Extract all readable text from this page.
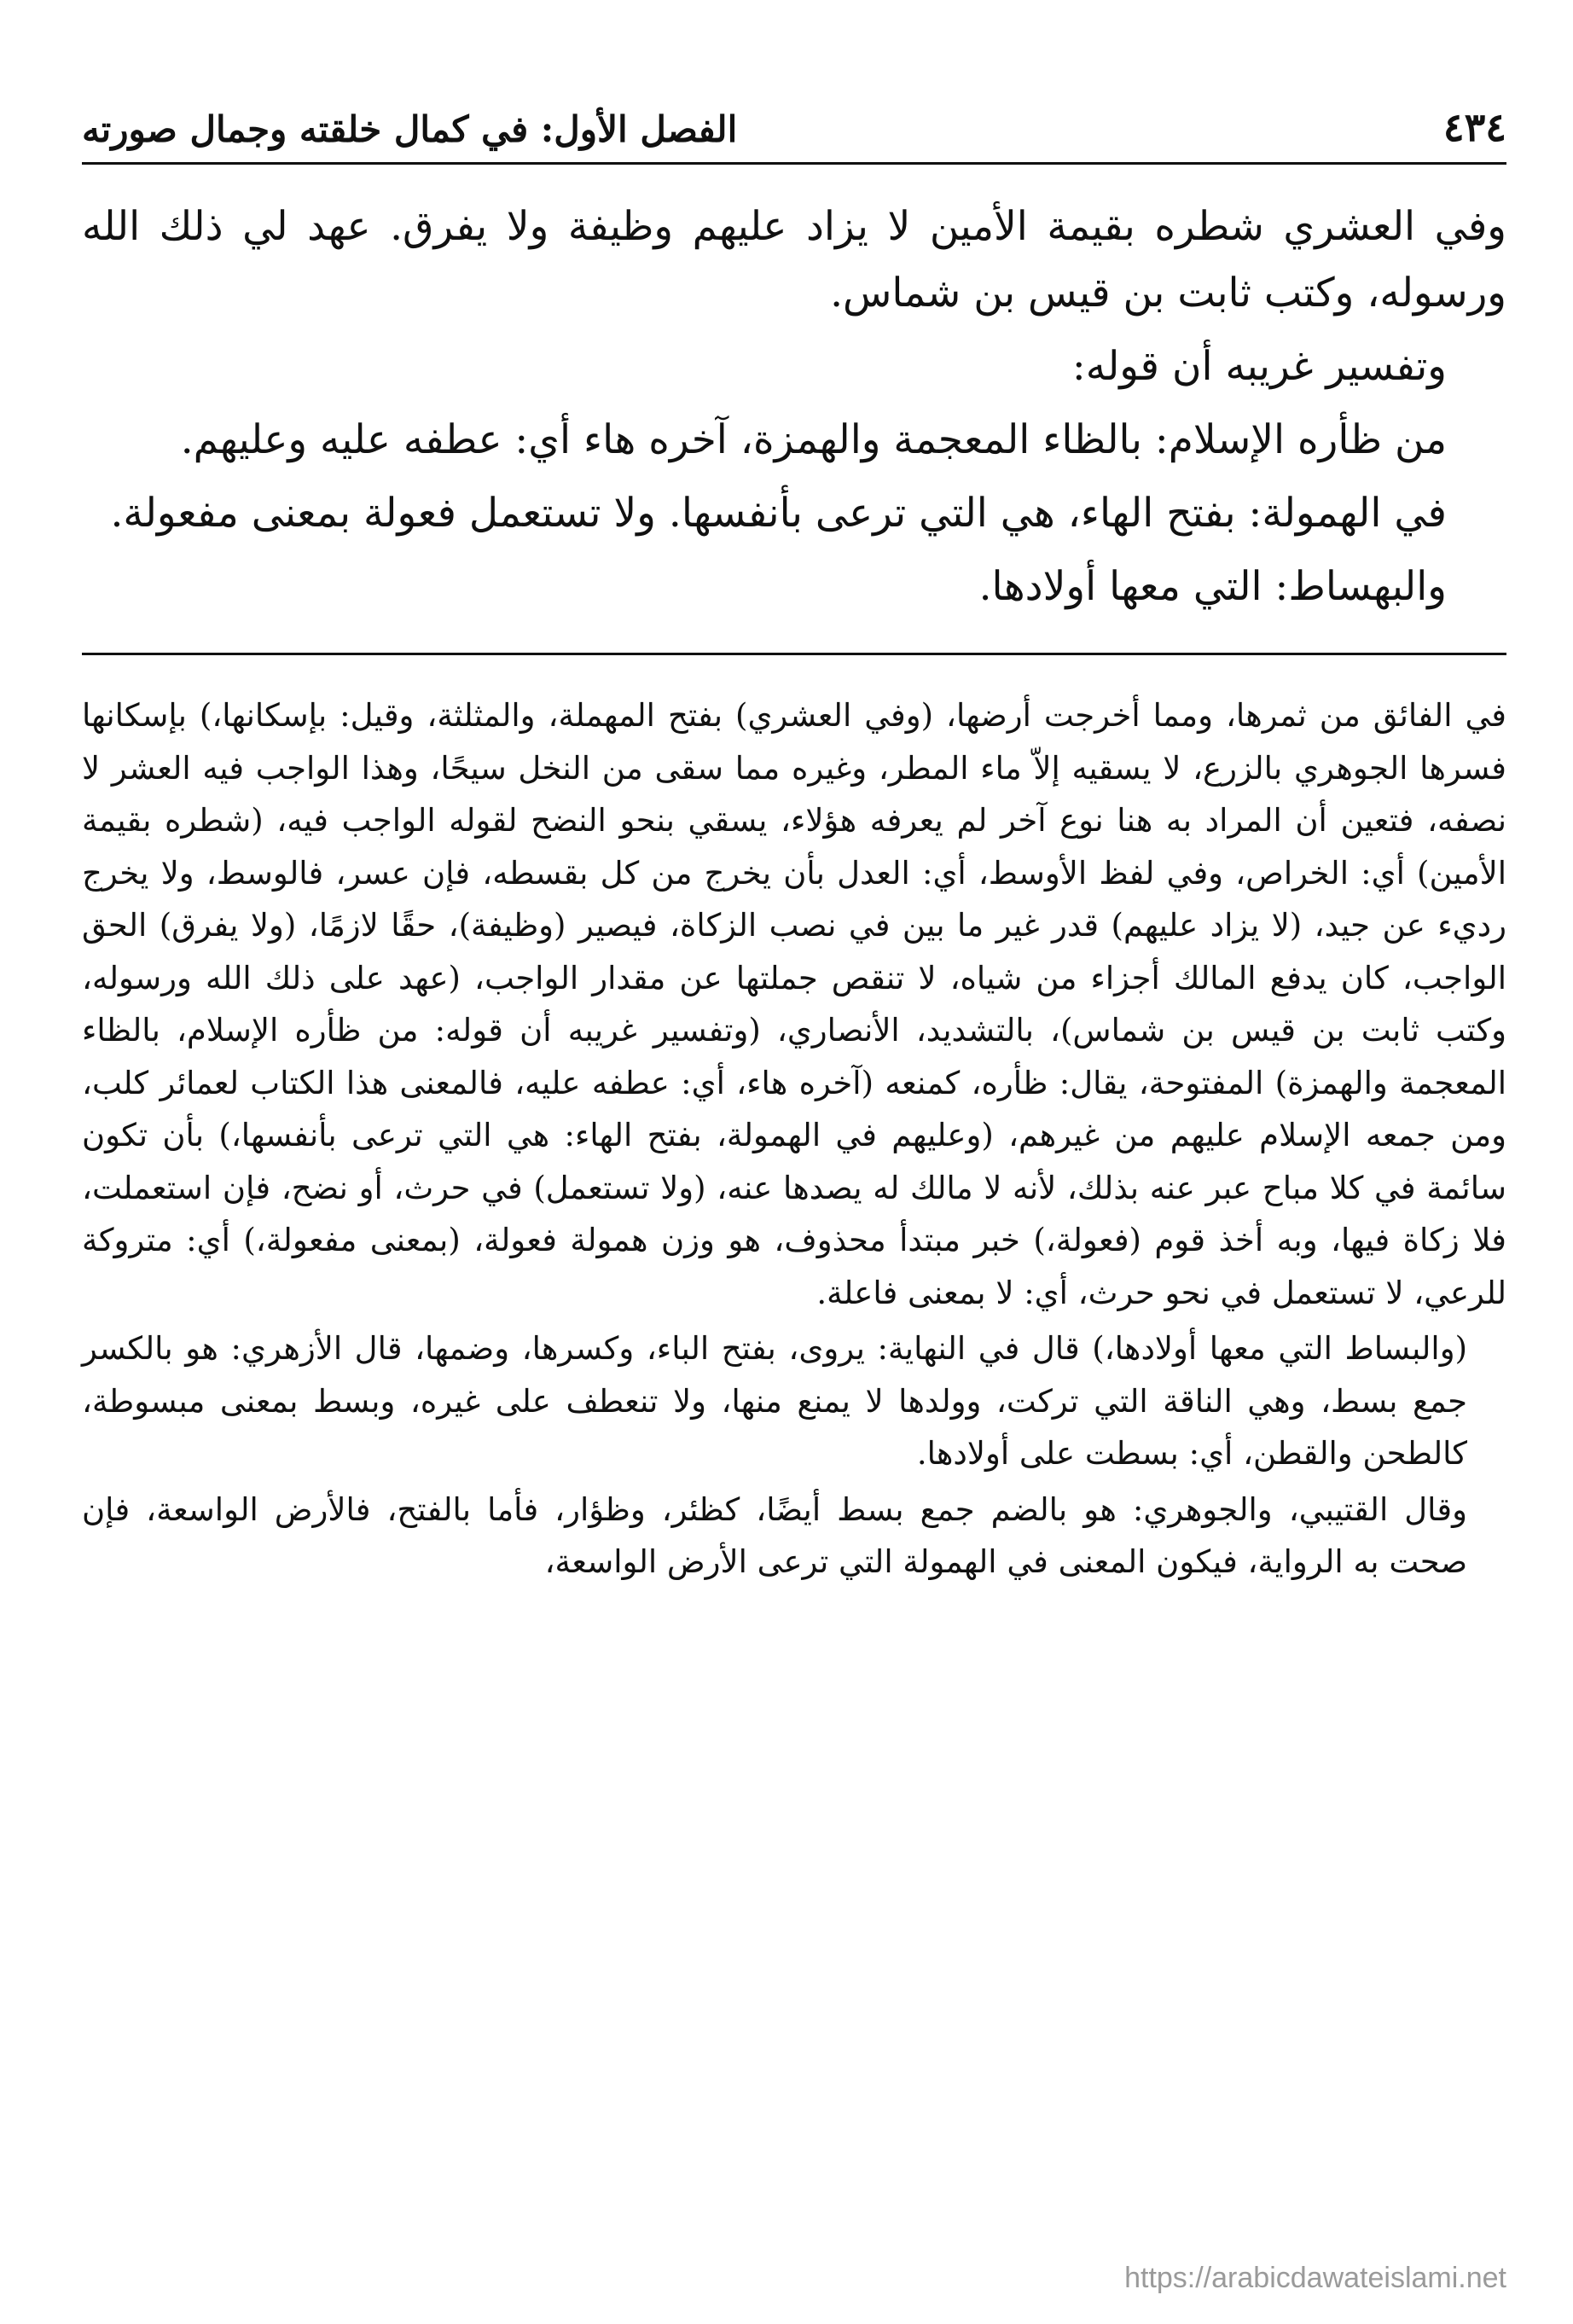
٤٣٤
الفصل الأول: في كمال خلقته وجمال صورته

وفي العشري شطره بقيمة الأمين لا يزاد عليهم وظيفة ولا يفرق. عهد لي ذلك الله ورسوله، وكتب ثابت بن قيس بن شماس.

وتفسير غريبه أن قوله:

من ظأره الإسلام: بالظاء المعجمة والهمزة، آخره هاء أي: عطفه عليه وعليهم.

في الهمولة: بفتح الهاء، هي التي ترعى بأنفسها. ولا تستعمل فعولة بمعنى مفعولة.

والبهساط: التي معها أولادها.

في الفائق من ثمرها، ومما أخرجت أرضها، (وفي العشري) بفتح المهملة، والمثلثة، وقيل: بإسكانها،) بإسكانها فسرها الجوهري بالزرع، لا يسقيه إلاّ ماء المطر، وغيره مما سقى من النخل سيحًا، وهذا الواجب فيه العشر لا نصفه، فتعين أن المراد به هنا نوع آخر لم يعرفه هؤلاء، يسقي بنحو النضح لقوله الواجب فيه، (شطره بقيمة الأمين) أي: الخراص، وفي لفظ الأوسط، أي: العدل بأن يخرج من كل بقسطه، فإن عسر، فالوسط، ولا يخرج رديء عن جيد، (لا يزاد عليهم) قدر غير ما بين في نصب الزكاة، فيصير (وظيفة)، حقًا لازمًا، (ولا يفرق) الحق الواجب، كان يدفع المالك أجزاء من شياه، لا تنقص جملتها عن مقدار الواجب، (عهد على ذلك الله ورسوله، وكتب ثابت بن قيس بن شماس)، بالتشديد، الأنصاري، (وتفسير غريبه أن قوله: من ظأره الإسلام، بالظاء المعجمة والهمزة) المفتوحة، يقال: ظأره، كمنعه (آخره هاء، أي: عطفه عليه، فالمعنى هذا الكتاب لعمائر كلب، ومن جمعه الإسلام عليهم من غيرهم، (وعليهم في الهمولة، بفتح الهاء: هي التي ترعى بأنفسها،) بأن تكون سائمة في كلا مباح عبر عنه بذلك، لأنه لا مالك له يصدها عنه، (ولا تستعمل) في حرث، أو نضح، فإن استعملت، فلا زكاة فيها، وبه أخذ قوم (فعولة،) خبر مبتدأ محذوف، هو وزن همولة فعولة، (بمعنى مفعولة،) أي: متروكة للرعي، لا تستعمل في نحو حرث، أي: لا بمعنى فاعلة.

(والبساط التي معها أولادها،) قال في النهاية: يروى، بفتح الباء، وكسرها، وضمها، قال الأزهري: هو بالكسر جمع بسط، وهي الناقة التي تركت، وولدها لا يمنع منها، ولا تنعطف على غيره، وبسط بمعنى مبسوطة، كالطحن والقطن، أي: بسطت على أولادها.

وقال القتيبي، والجوهري: هو بالضم جمع بسط أيضًا، كظئر، وظؤار، فأما بالفتح، فالأرض الواسعة، فإن صحت به الرواية، فيكون المعنى في الهمولة التي ترعى الأرض الواسعة،

https://arabicdawateislami.net
